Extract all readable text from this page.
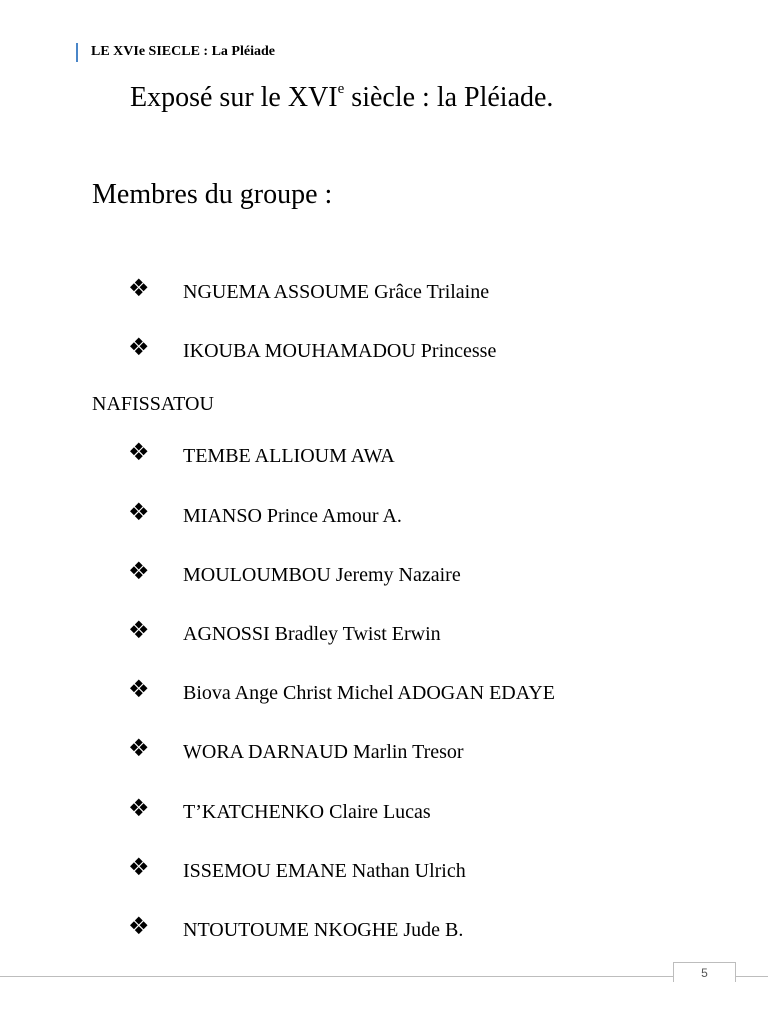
LE XVIe SIECLE : La Pléiade
Exposé sur le XVIe siècle : la Pléiade.
Membres du groupe :
❖ NGUEMA ASSOUME Grâce Trilaine
❖ IKOUBA MOUHAMADOU Princesse
NAFISSATOU
❖ TEMBE ALLIOUM AWA
❖ MIANSO Prince Amour A.
❖ MOULOUMBOU Jeremy Nazaire
❖ AGNOSSI Bradley Twist Erwin
❖ Biova Ange Christ Michel ADOGAN EDAYE
❖ WORA DARNAUD Marlin Tresor
❖ T’KATCHENKO Claire Lucas
❖ ISSEMOU EMANE Nathan Ulrich
❖ NTOUTOUME NKOGHE Jude B.
5
